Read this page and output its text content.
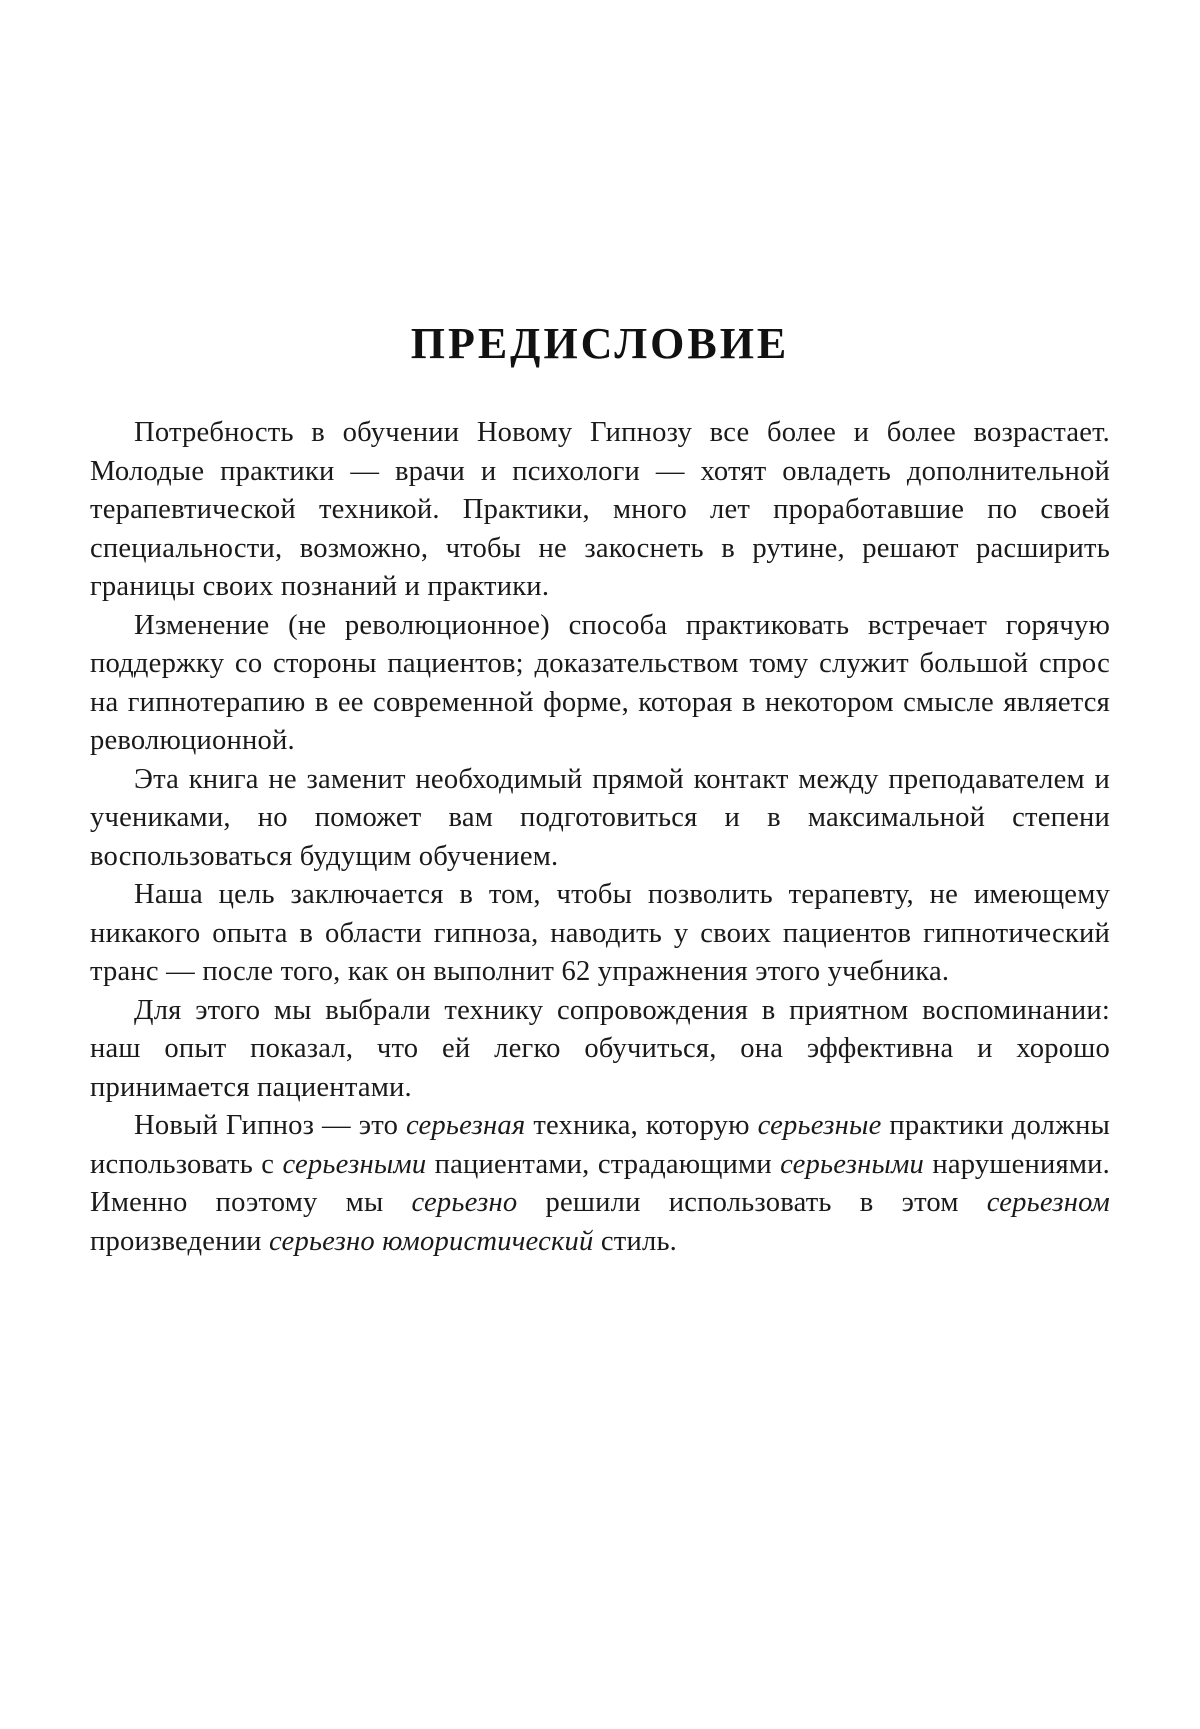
ПРЕДИСЛОВИЕ

Потребность в обучении Новому Гипнозу все более и более возрастает. Молодые практики — врачи и психологи — хотят овладеть дополнительной терапевтической техникой. Практики, много лет проработавшие по своей специальности, возможно, чтобы не закоснеть в рутине, решают расширить границы своих познаний и практики.

Изменение (не революционное) способа практиковать встречает горячую поддержку со стороны пациентов; доказательством тому служит большой спрос на гипнотерапию в ее современной форме, которая в некотором смысле является революционной.

Эта книга не заменит необходимый прямой контакт между преподавателем и учениками, но поможет вам подготовиться и в максимальной степени воспользоваться будущим обучением.

Наша цель заключается в том, чтобы позволить терапевту, не имеющему никакого опыта в области гипноза, наводить у своих пациентов гипнотический транс — после того, как он выполнит 62 упражнения этого учебника.

Для этого мы выбрали технику сопровождения в приятном воспоминании: наш опыт показал, что ей легко обучиться, она эффективна и хорошо принимается пациентами.

Новый Гипноз — это серьезная техника, которую серьезные практики должны использовать с серьезными пациентами, страдающими серьезными нарушениями. Именно поэтому мы серьезно решили использовать в этом серьезном произведении серьезно юмористический стиль.
